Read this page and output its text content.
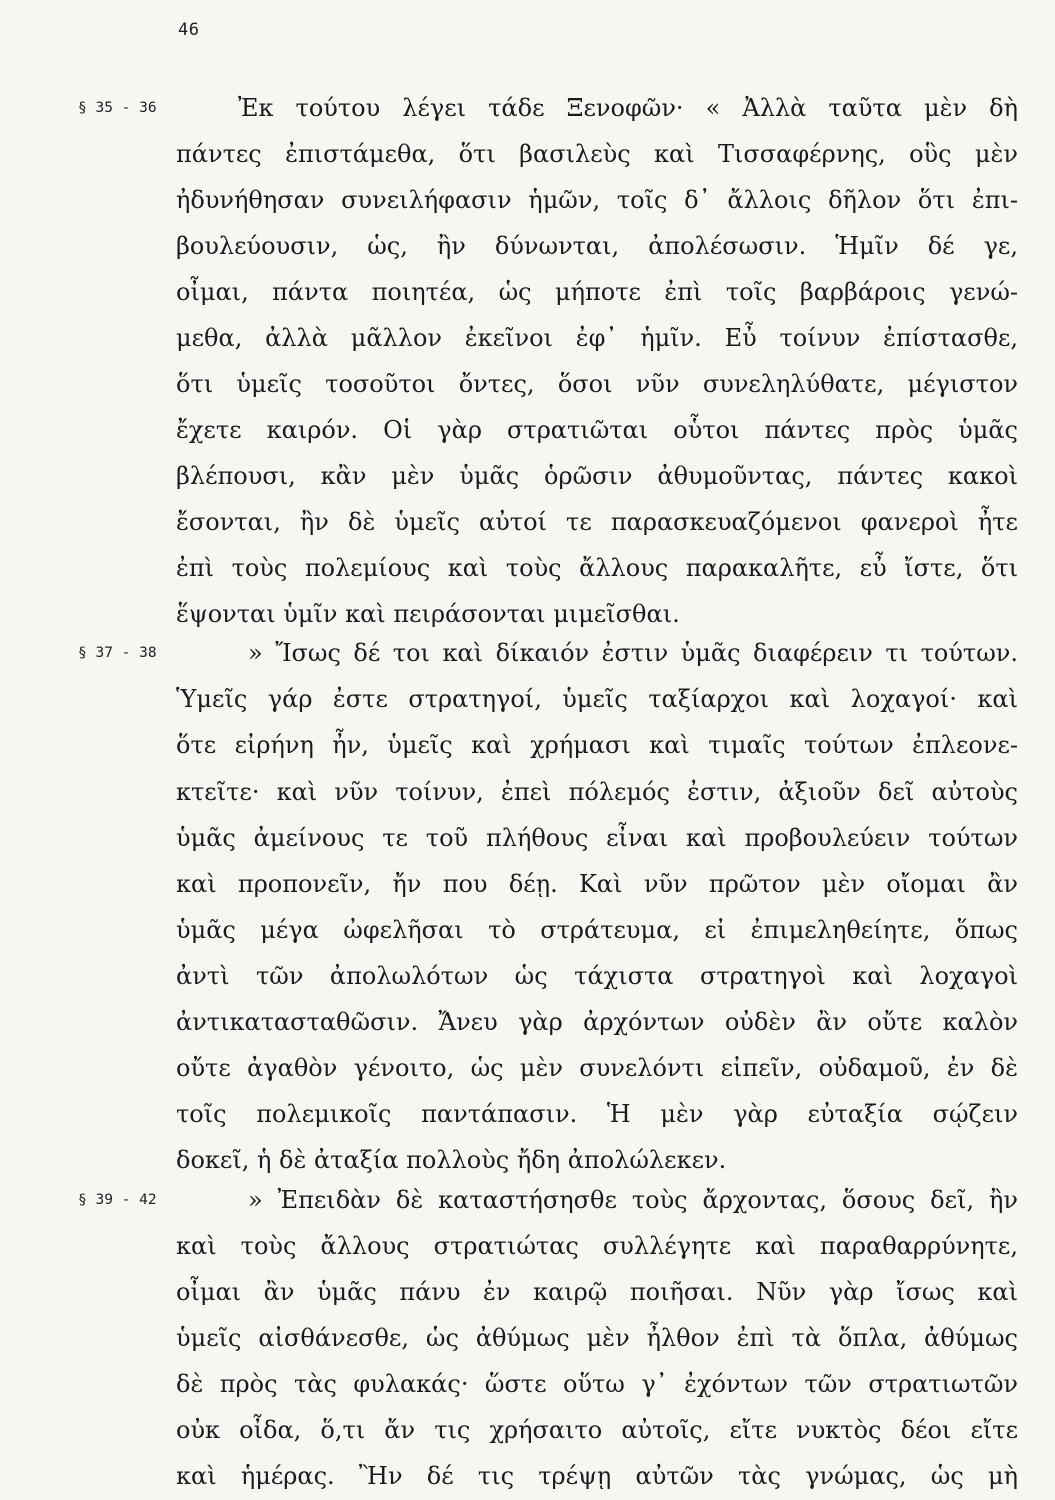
46
§ 35 - 36	Ἐκ τούτου λέγει τάδε Ξενοφῶν· « Ἀλλὰ ταῦτα μὲν δὴ
πάντες ἐπιστάμεθα, ὅτι βασιλεὺς καὶ Τισσαφέρνης, οὓς μὲν
ἠδυνήθησαν συνειλήφασιν ἡμῶν, τοῖς δ᾽ ἄλλοις δῆλον ὅτι ἐπι-
βουλεύουσιν, ὡς, ἢν δύνωνται, ἀπολέσωσιν. Ἡμῖν δέ γε,
οἶμαι, πάντα ποιητέα, ὡς μήποτε ἐπὶ τοῖς βαρβάροις γενώ-
μεθα, ἀλλὰ μᾶλλον ἐκεῖνοι ἐφ᾽ ἡμῖν. Εὖ τοίνυν ἐπίστασθε,
ὅτι ὑμεῖς τοσοῦτοι ὄντες, ὅσοι νῦν συνεληλύθατε, μέγιστον
ἔχετε καιρόν. Οἱ γὰρ στρατιῶται οὗτοι πάντες πρὸς ὑμᾶς
βλέπουσι, κἂν μὲν ὑμᾶς ὁρῶσιν ἀθυμοῦντας, πάντες κακοὶ
ἔσονται, ἢν δὲ ὑμεῖς αὐτοί τε παρασκευαζόμενοι φανεροὶ ἦτε
ἐπὶ τοὺς πολεμίους καὶ τοὺς ἄλλους παρακαλῆτε, εὖ ἴστε, ὅτι
ἕψονται ὑμῖν καὶ πειράσονται μιμεῖσθαι.
§ 37 - 38	» Ἴσως δέ τοι καὶ δίκαιόν ἐστιν ὑμᾶς διαφέρειν τι τούτων.
Ὑμεῖς γάρ ἐστε στρατηγοί, ὑμεῖς ταξίαρχοι καὶ λοχαγοί· καὶ
ὅτε εἰρήνη ἦν, ὑμεῖς καὶ χρήμασι καὶ τιμαῖς τούτων ἐπλεονε-
κτεῖτε· καὶ νῦν τοίνυν, ἐπεὶ πόλεμός ἐστιν, ἀξιοῦν δεῖ αὐτοὺς
ὑμᾶς ἀμείνους τε τοῦ πλήθους εἶναι καὶ προβουλεύειν τούτων
καὶ προπονεῖν, ἤν που δέῃ. Καὶ νῦν πρῶτον μὲν οἴομαι ἂν
ὑμᾶς μέγα ὠφελῆσαι τὸ στράτευμα, εἰ ἐπιμεληθείητε, ὅπως
ἀντὶ τῶν ἀπολωλότων ὡς τάχιστα στρατηγοὶ καὶ λοχαγοὶ
ἀντικατασταθῶσιν. Ἄνευ γὰρ ἀρχόντων οὐδὲν ἂν οὔτε καλὸν
οὔτε ἀγαθὸν γένοιτο, ὡς μὲν συνελόντι εἰπεῖν, οὐδαμοῦ, ἐν δὲ
τοῖς πολεμικοῖς παντάπασιν. Ἡ μὲν γὰρ εὐταξία σῴζειν
δοκεῖ, ἡ δὲ ἀταξία πολλοὺς ἤδη ἀπολώλεκεν.
§ 39 - 42	» Ἐπειδὰν δὲ καταστήσησθε τοὺς ἄρχοντας, ὅσους δεῖ, ἢν
καὶ τοὺς ἄλλους στρατιώτας συλλέγητε καὶ παραθαρρύνητε,
οἶμαι ἂν ὑμᾶς πάνυ ἐν καιρῷ ποιῆσαι. Νῦν γὰρ ἴσως καὶ
ὑμεῖς αἰσθάνεσθε, ὡς ἀθύμως μὲν ἦλθον ἐπὶ τὰ ὅπλα, ἀθύμως
δὲ πρὸς τὰς φυλακάς· ὥστε οὕτω γ᾽ ἐχόντων τῶν στρατιωτῶν
οὐκ οἶδα, ὅ,τι ἄν τις χρήσαιτο αὐτοῖς, εἴτε νυκτὸς δέοι εἴτε
καὶ ἡμέρας. Ἢν δέ τις τρέψῃ αὐτῶν τὰς γνώμας, ὡς μὴ
